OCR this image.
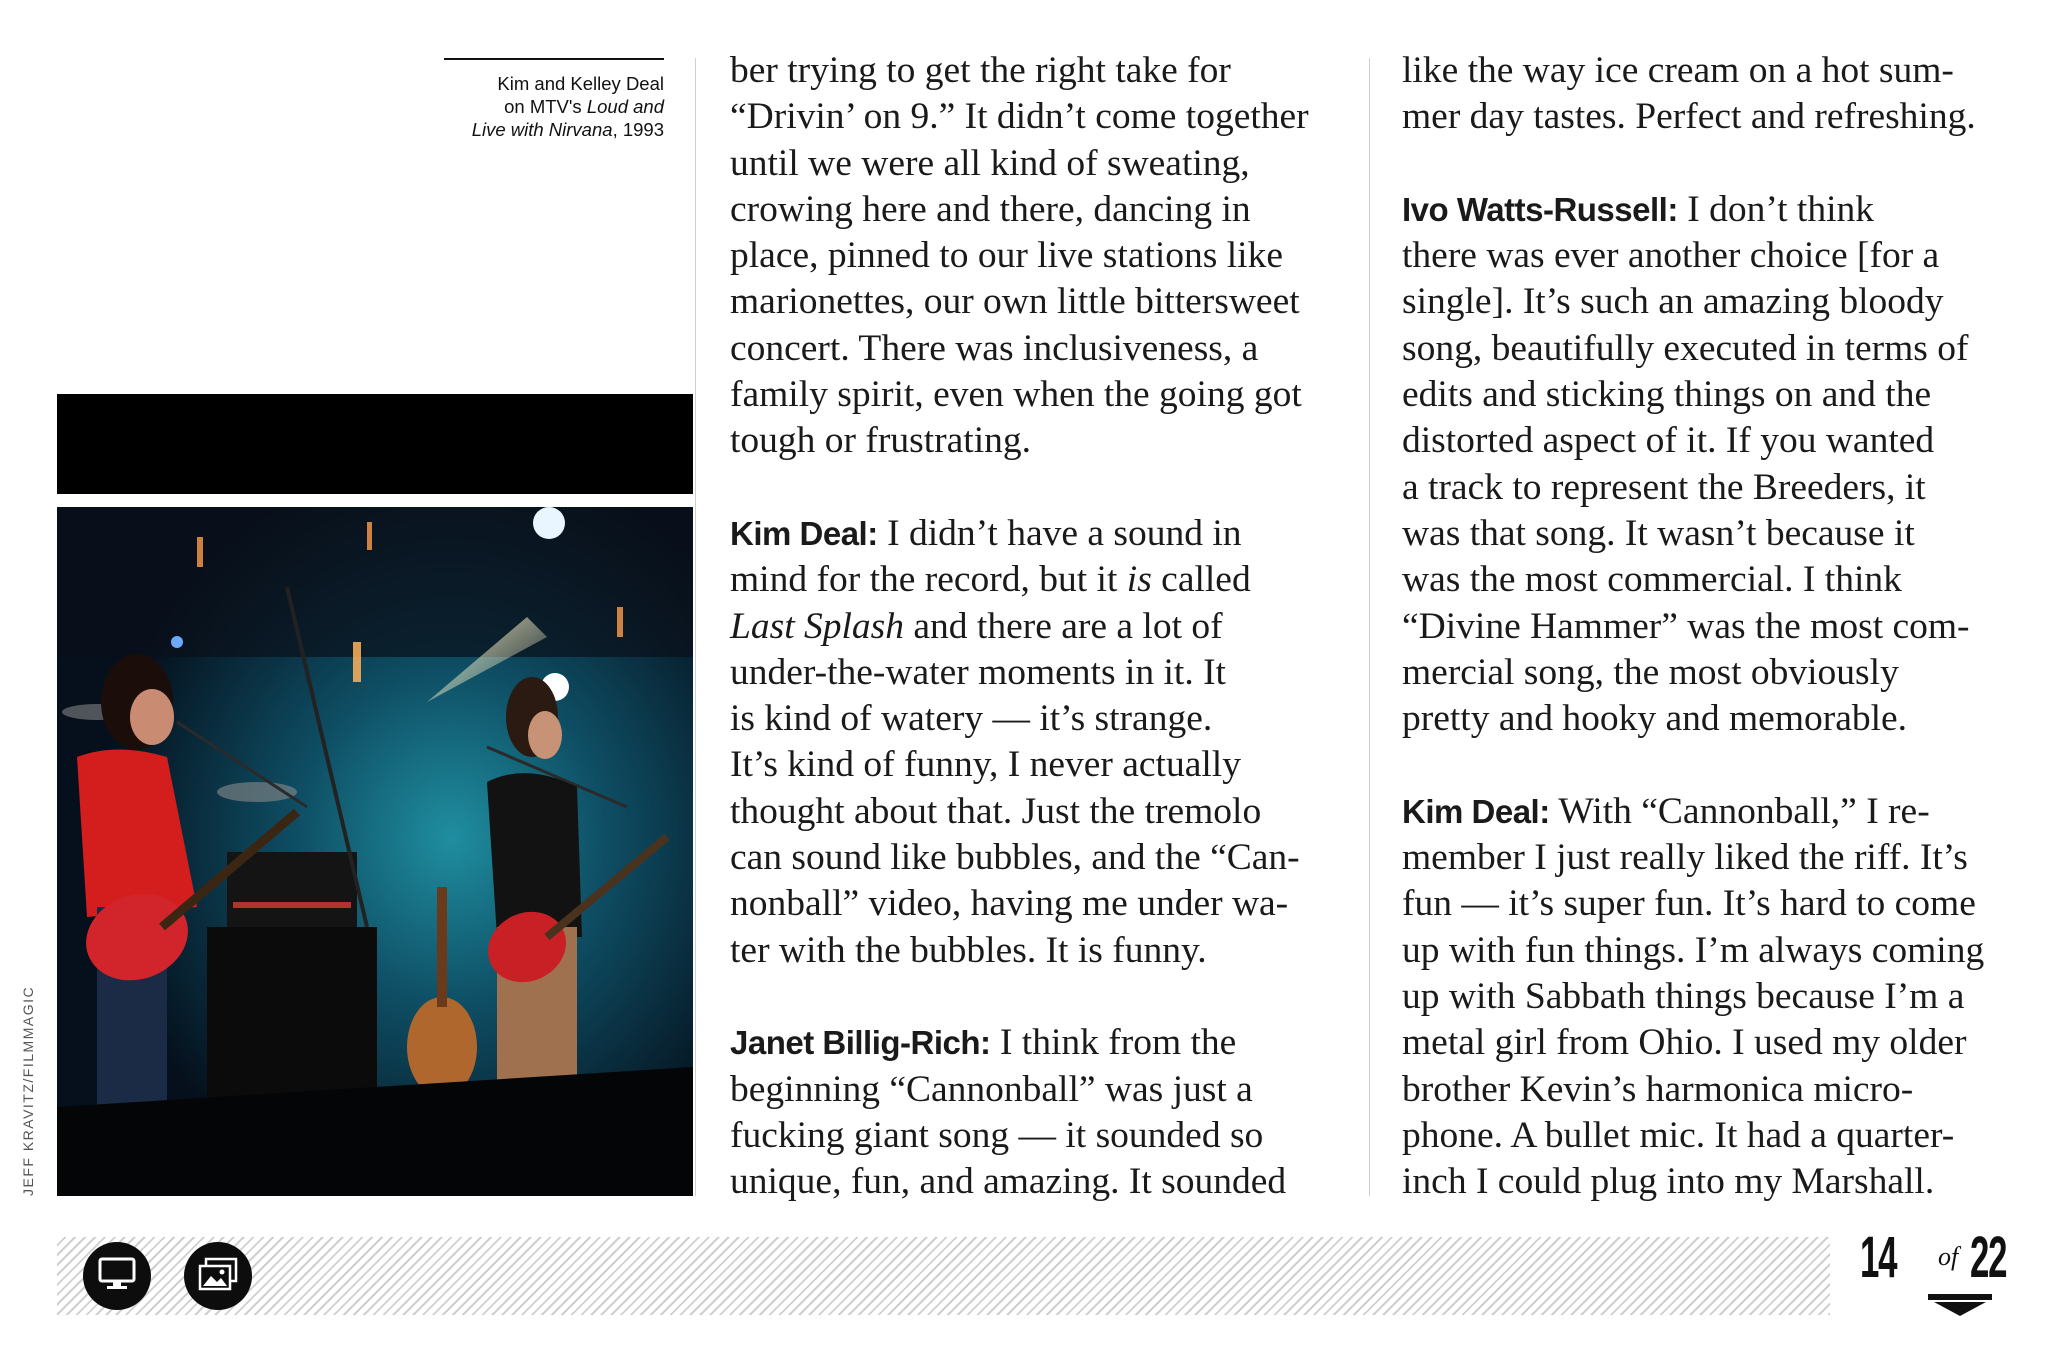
Kim and Kelley Deal
on MTV's Loud and
Live with Nirvana, 1993
JEFF KRAVITZ/FILMMAGIC

ber trying to get the right take for

“Drivin’ on 9.” It didn’t come together

until we were all kind of sweating,

crowing here and there, dancing in

place, pinned to our live stations like

marionettes, our own little bittersweet

concert. There was inclusiveness, a

family spirit, even when the going got

tough or frustrating.

Kim Deal: I didn’t have a sound in

mind for the record, but it is called

Last Splash and there are a lot of

under-the-water moments in it. It

is kind of watery — it’s strange.

It’s kind of funny, I never actually

thought about that. Just the tremolo

can sound like bubbles, and the “Can-

nonball” video, having me under wa-

ter with the bubbles. It is funny.

Janet Billig-Rich: I think from the

beginning “Cannonball” was just a

fucking giant song — it sounded so

unique, fun, and amazing. It sounded

like the way ice cream on a hot sum-

mer day tastes. Perfect and refreshing.

Ivo Watts-Russell: I don’t think

there was ever another choice [for a

single]. It’s such an amazing bloody

song, beautifully executed in terms of

edits and sticking things on and the

distorted aspect of it. If you wanted

a track to represent the Breeders, it

was that song. It wasn’t because it

was the most commercial. I think

“Divine Hammer” was the most com-

mercial song, the most obviously

pretty and hooky and memorable.

Kim Deal: With “Cannonball,” I re-

member I just really liked the riff. It’s

fun — it’s super fun. It’s hard to come

up with fun things. I’m always coming

up with Sabbath things because I’m a

metal girl from Ohio. I used my older

brother Kevin’s harmonica micro-

phone. A bullet mic. It had a quarter-

inch I could plug into my Marshall.

14 of 22
